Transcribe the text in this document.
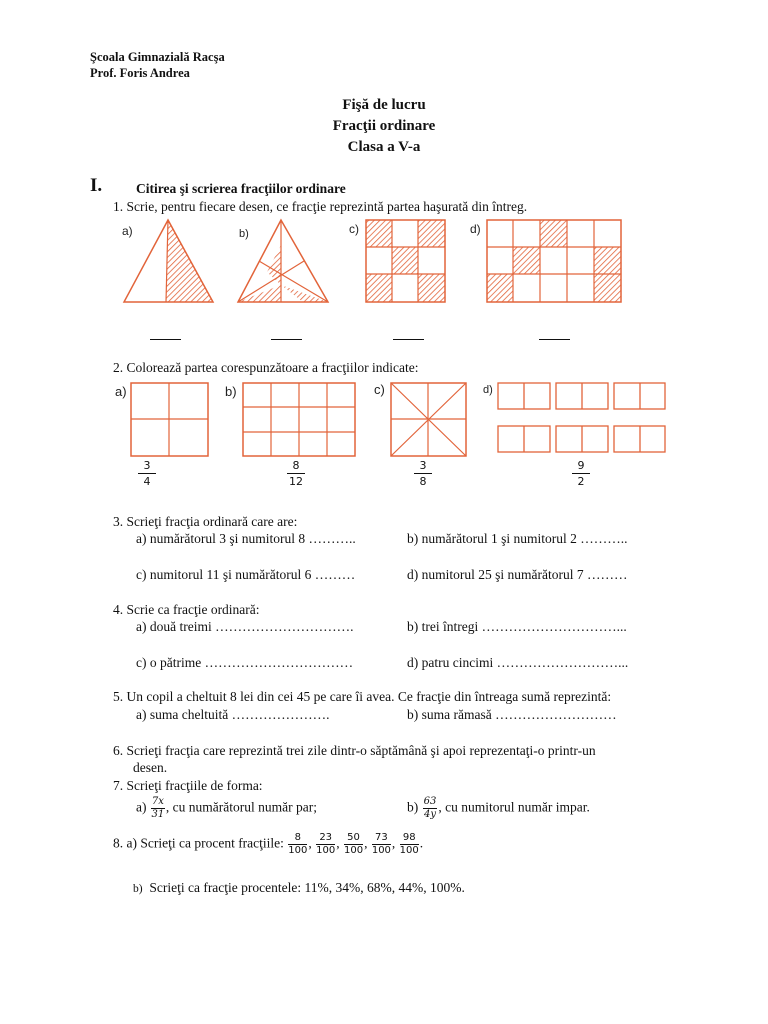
Şcoala Gimnazială Racşa
Prof. Foris Andrea
Fişă de lucru
Fracţii ordinare
Clasa a V-a
I.	Citirea şi scrierea fracţiilor ordinare
1. Scrie, pentru fiecare desen, ce fracţie reprezintă partea haşurată din întreg.
a)	b)	c)	d)
2. Colorează partea corespunzătoare a fracţiilor indicate:
a)	b)	c)	d)
3
4
8
12
3
8
9
2
3. Scrieţi fracţia ordinară care are:
a) numărătorul 3 şi numitorul 8 ………..	b) numărătorul 1 şi numitorul 2 ………..
c) numitorul 11 şi numărătorul 6 ………	d) numitorul 25 şi numărătorul 7 ………
4. Scrie ca fracţie ordinară:
a) două treimi ………………………….	b) trei întregi …………………………...
c) o pătrime ……………………………	d) patru cincimi ………………………...
5. Un copil a cheltuit 8 lei din cei 45 pe care îi avea. Ce fracţie din întreaga sumă reprezintă:
a) suma cheltuită ………………….	b) suma rămasă ………………………
6. Scrieţi fracţia care reprezintă trei zile dintr-o săptămână şi apoi reprezentaţi-o printr-un
desen.
7. Scrieţi fracţiile de forma:
$a) \frac{7x}{31}$ , cu numărătorul număr par;	$b) \frac{63}{4y}$ , cu numitorul număr impar.
8. a) Scrieţi ca procent fracţiile: $\frac{8}{100}$ , $\frac{23}{100}$ , $\frac{50}{100}$ , $\frac{73}{100}$ , $\frac{98}{100}$ .
b) Scrieţi ca fracţie procentele: 11%, 34%, 68%, 44%, 100%.
